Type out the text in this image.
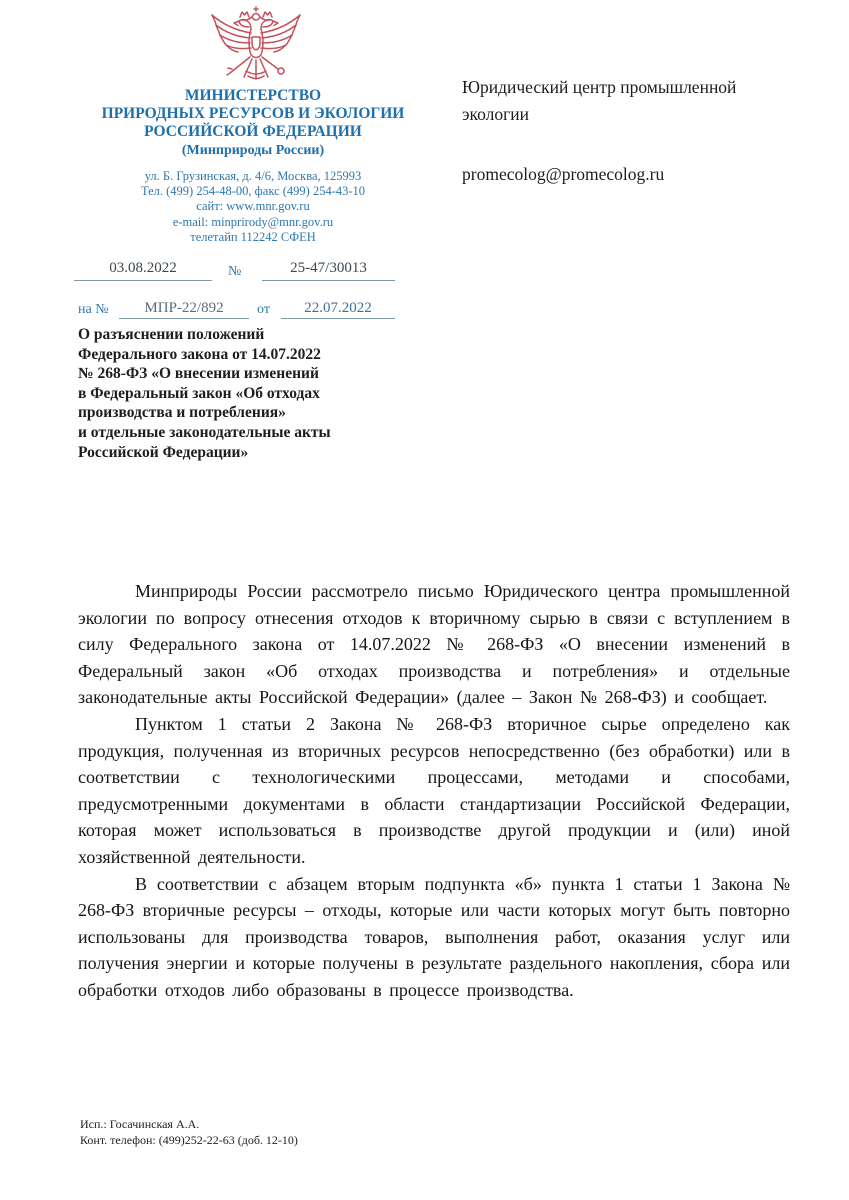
МИНИСТЕРСТВО
ПРИРОДНЫХ РЕСУРСОВ И ЭКОЛОГИИ
РОССИЙСКОЙ ФЕДЕРАЦИИ
(Минприроды России)
ул. Б. Грузинская, д. 4/6, Москва, 125993
Тел. (499) 254-48-00, факс (499) 254-43-10
сайт: www.mnr.gov.ru
e-mail: minprirody@mnr.gov.ru
телетайп 112242 СФЕН
03.08.2022	№	25-47/30013
на №	МПР-22/892	от	22.07.2022
О разъяснении положений
Федерального закона от 14.07.2022
№ 268-ФЗ «О внесении изменений
в Федеральный закон «Об отходах
производства и потребления»
и отдельные законодательные акты
Российской Федерации»
Юридический центр промышленной
экологии
promecolog@promecolog.ru

Минприроды России рассмотрело письмо Юридического центра промышленной экологии по вопросу отнесения отходов к вторичному сырью в связи с вступлением в силу Федерального закона от 14.07.2022 № 268-ФЗ «О внесении изменений в Федеральный закон «Об отходах производства и потребления» и отдельные законодательные акты Российской Федерации» (далее – Закон № 268-ФЗ) и сообщает.

Пунктом 1 статьи 2 Закона № 268-ФЗ вторичное сырье определено как продукция, полученная из вторичных ресурсов непосредственно (без обработки) или в соответствии с технологическими процессами, методами и способами, предусмотренными документами в области стандартизации Российской Федерации, которая может использоваться в производстве другой продукции и (или) иной хозяйственной деятельности.

В соответствии с абзацем вторым подпункта «б» пункта 1 статьи 1 Закона № 268-ФЗ вторичные ресурсы – отходы, которые или части которых могут быть повторно использованы для производства товаров, выполнения работ, оказания услуг или получения энергии и которые получены в результате раздельного накопления, сбора или обработки отходов либо образованы в процессе производства.

Исп.: Госачинская А.А.
Конт. телефон: (499)252-22-63 (доб. 12-10)
